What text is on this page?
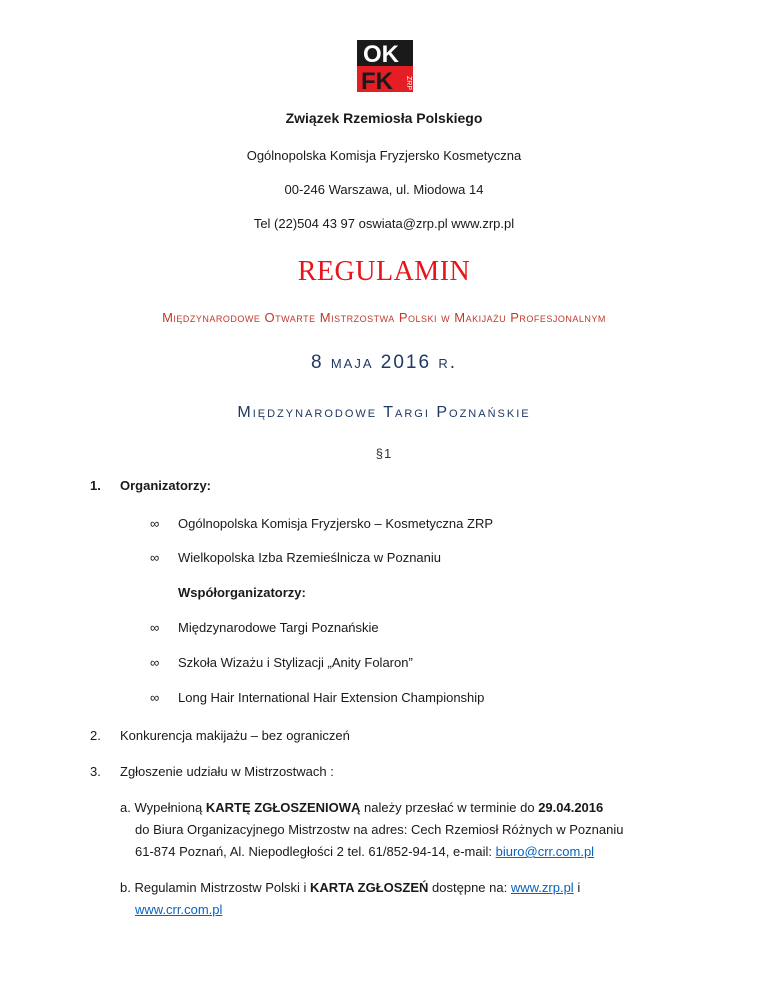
OK
FK ZRP
Związek Rzemiosła Polskiego
Ogólnopolska Komisja Fryzjersko Kosmetyczna
00-246 Warszawa, ul. Miodowa 14
Tel (22)504 43 97 oswiata@zrp.pl www.zrp.pl
REGULAMIN
Międzynarodowe Otwarte Mistrzostwa Polski w Makijażu Profesjonalnym
8 maja 2016 r.
Międzynarodowe Targi Poznańskie
§1
1. Organizatorzy:
∞ Ogólnopolska Komisja Fryzjersko – Kosmetyczna ZRP
∞ Wielkopolska Izba Rzemieślnicza w Poznaniu
Współorganizatorzy:
∞ Międzynarodowe Targi Poznańskie
∞ Szkoła Wizażu i Stylizacji „Anity Folaron”
∞ Long Hair International Hair Extension Championship
2. Konkurencja makijażu – bez ograniczeń
3. Zgłoszenie udziału w Mistrzostwach :
a. Wypełnioną KARTĘ ZGŁOSZENIOWĄ należy przesłać w terminie do 29.04.2016
do Biura Organizacyjnego Mistrzostw na adres: Cech Rzemiosł Różnych w Poznaniu
61-874 Poznań, Al. Niepodległości 2 tel. 61/852-94-14, e-mail: biuro@crr.com.pl
b. Regulamin Mistrzostw Polski i KARTA ZGŁOSZEŃ dostępne na: www.zrp.pl i
www.crr.com.pl
